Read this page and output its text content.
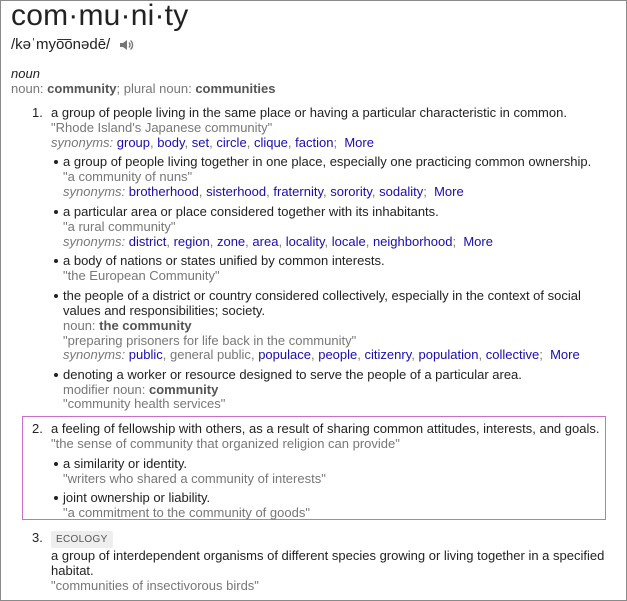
com·mu·ni·ty
/kəˈmyo͞onədē/
noun
noun: community; plural noun: communities
1. a group of people living in the same place or having a particular characteristic in common.
"Rhode Island's Japanese community"
synonyms: group, body, set, circle, clique, faction; More
a group of people living together in one place, especially one practicing common ownership.
"a community of nuns"
synonyms: brotherhood, sisterhood, fraternity, sorority, sodality; More
a particular area or place considered together with its inhabitants.
"a rural community"
synonyms: district, region, zone, area, locality, locale, neighborhood; More
a body of nations or states unified by common interests.
"the European Community"
the people of a district or country considered collectively, especially in the context of social
values and responsibilities; society.
noun: the community
"preparing prisoners for life back in the community"
synonyms: public, general public, populace, people, citizenry, population, collective; More
denoting a worker or resource designed to serve the people of a particular area.
modifier noun: community
"community health services"
2. a feeling of fellowship with others, as a result of sharing common attitudes, interests, and goals.
"the sense of community that organized religion can provide"
a similarity or identity.
"writers who shared a community of interests"
joint ownership or liability.
"a commitment to the community of goods"
3.	ECOLOGY
a group of interdependent organisms of different species growing or living together in a specified
habitat.
"communities of insectivorous birds"
